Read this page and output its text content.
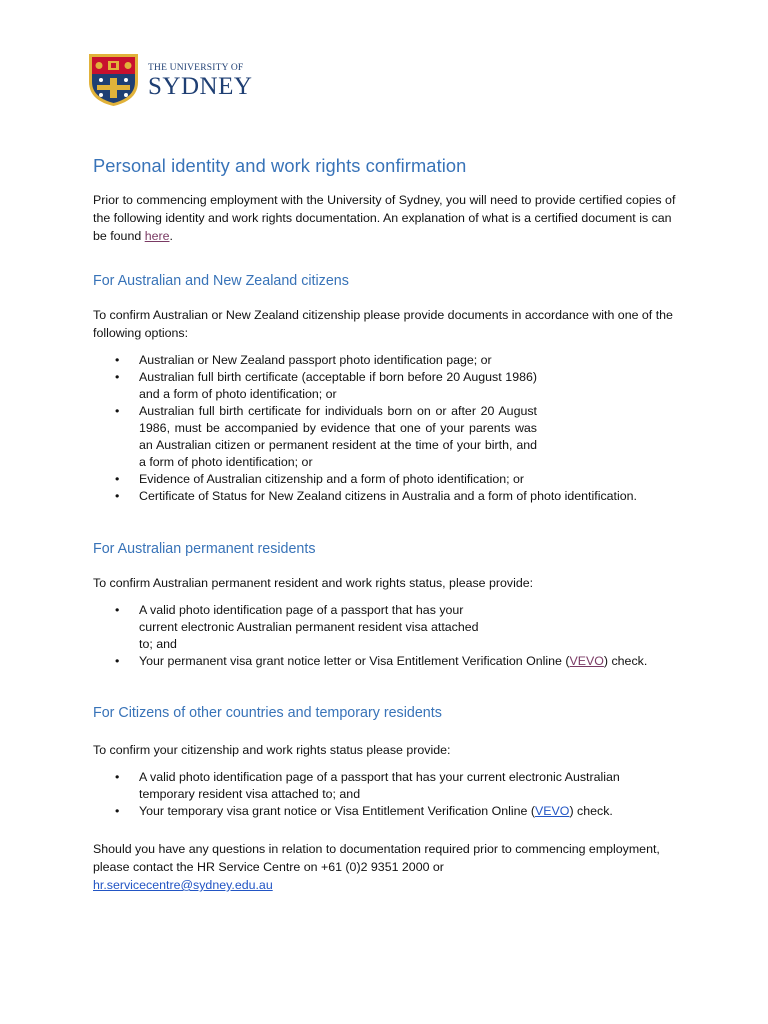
THE UNIVERSITY OF
SYDNEY
Personal identity and work rights confirmation

Prior to commencing employment with the University of Sydney, you will need to provide certified copies of the following identity and work rights documentation. An explanation of what is a certified document is can be found here.

For Australian and New Zealand citizens

To confirm Australian or New Zealand citizenship please provide documents in accordance with one of the following options:

• Australian or New Zealand passport photo identification page; or
• Australian full birth certificate (acceptable if born before 20 August 1986) and a form of photo identification; or
• Australian full birth certificate for individuals born on or after 20 August 1986, must be accompanied by evidence that one of your parents was an Australian citizen or permanent resident at the time of your birth, and a form of photo identification; or
• Evidence of Australian citizenship and a form of photo identification; or
• Certificate of Status for New Zealand citizens in Australia and a form of photo identification.
For Australian permanent residents

To confirm Australian permanent resident and work rights status, please provide:

• A valid photo identification page of a passport that has your current electronic Australian permanent resident visa attached to; and
• Your permanent visa grant notice letter or Visa Entitlement Verification Online (VEVO) check.
For Citizens of other countries and temporary residents

To confirm your citizenship and work rights status please provide:

• A valid photo identification page of a passport that has your current electronic Australian temporary resident visa attached to; and
• Your temporary visa grant notice or Visa Entitlement Verification Online (VEVO) check.

Should you have any questions in relation to documentation required prior to commencing employment, please contact the HR Service Centre on +61 (0)2 9351 2000 or
hr.servicecentre@sydney.edu.au
